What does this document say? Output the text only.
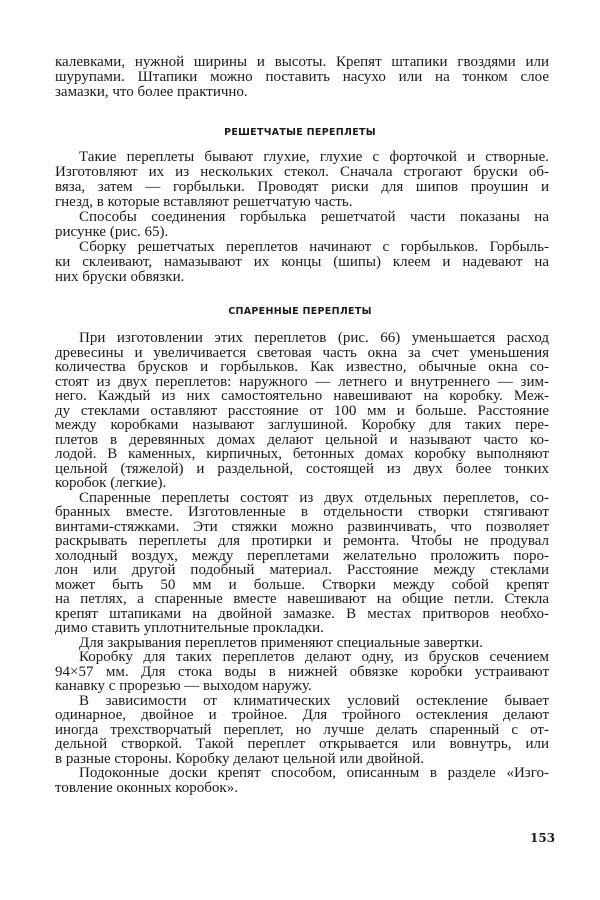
калевками, нужной ширины и высоты. Крепят штапики гвоздями или
шурупами. Штапики можно поставить насухо или на тонком слое
замазки, что более практично.
РЕШЕТЧАТЫЕ ПЕРЕПЛЕТЫ
Такие переплеты бывают глухие, глухие с форточкой и створные.
Изготовляют их из нескольких стекол. Сначала строгают бруски об-
вяза, затем — горбыльки. Проводят риски для шипов проушин и
гнезд, в которые вставляют решетчатую часть.
Способы соединения горбылька решетчатой части показаны на
рисунке (рис. 65).
Сборку решетчатых переплетов начинают с горбыльков. Горбыль-
ки склеивают, намазывают их концы (шипы) клеем и надевают на
них бруски обвязки.
СПАРЕННЫЕ ПЕРЕПЛЕТЫ
При изготовлении этих переплетов (рис. 66) уменьшается расход
древесины и увеличивается световая часть окна за счет уменьшения
количества брусков и горбыльков. Как известно, обычные окна со-
стоят из двух переплетов: наружного — летнего и внутреннего — зим-
него. Каждый из них самостоятельно навешивают на коробку. Меж-
ду стеклами оставляют расстояние от 100 мм и больше. Расстояние
между коробками называют заглушиной. Коробку для таких пере-
плетов в деревянных домах делают цельной и называют часто ко-
лодой. В каменных, кирпичных, бетонных домах коробку выполняют
цельной (тяжелой) и раздельной, состоящей из двух более тонких
коробок (легкие).
Спаренные переплеты состоят из двух отдельных переплетов, со-
бранных вместе. Изготовленные в отдельности створки стягивают
винтами-стяжками. Эти стяжки можно развинчивать, что позволяет
раскрывать переплеты для протирки и ремонта. Чтобы не продувал
холодный воздух, между переплетами желательно проложить поро-
лон или другой подобный материал. Расстояние между стеклами
может быть 50 мм и больше. Створки между собой крепят
на петлях, а спаренные вместе навешивают на общие петли. Стекла
крепят штапиками на двойной замазке. В местах притворов необхо-
димо ставить уплотнительные прокладки.
Для закрывания переплетов применяют специальные завертки.
Коробку для таких переплетов делают одну, из брусков сечением
94×57 мм. Для стока воды в нижней обвязке коробки устраивают
канавку с прорезью — выходом наружу.
В зависимости от климатических условий остекление бывает
одинарное, двойное и тройное. Для тройного остекления делают
иногда трехстворчатый переплет, но лучше делать спаренный с от-
дельной створкой. Такой переплет открывается или вовнутрь, или
в разные стороны. Коробку делают цельной или двойной.
Подоконные доски крепят способом, описанным в разделе «Изго-
товление оконных коробок».
153
